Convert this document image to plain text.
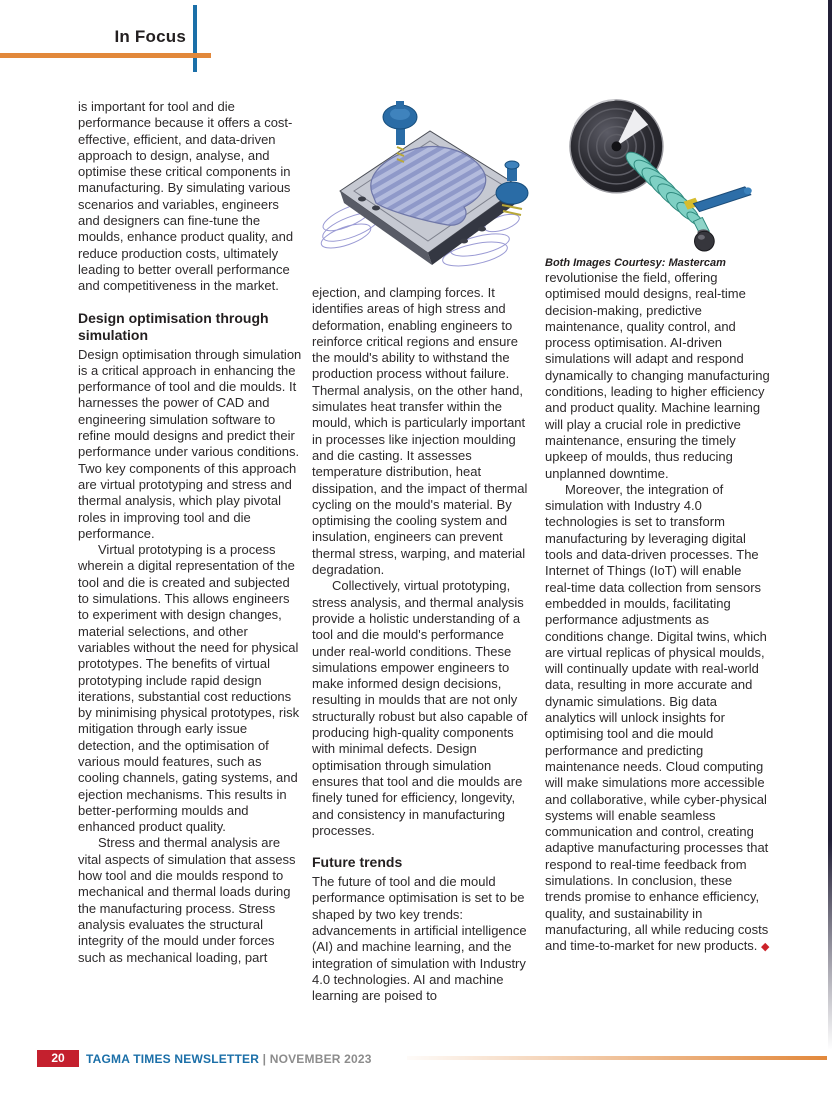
In Focus

is important for tool and die performance because it offers a cost-effective, efficient, and data-driven approach to design, analyse, and optimise these critical components in manufacturing. By simulating various scenarios and variables, engineers and designers can fine-tune the moulds, enhance product quality, and reduce production costs, ultimately leading to better overall performance and competitiveness in the market.

Design optimisation through simulation

Design optimisation through simulation is a critical approach in enhancing the performance of tool and die moulds. It harnesses the power of CAD and engineering simulation software to refine mould designs and predict their performance under various conditions. Two key components of this approach are virtual prototyping and stress and thermal analysis, which play pivotal roles in improving tool and die performance.

Virtual prototyping is a process wherein a digital representation of the tool and die is created and subjected to simulations. This allows engineers to experiment with design changes, material selections, and other variables without the need for physical prototypes. The benefits of virtual prototyping include rapid design iterations, substantial cost reductions by minimising physical prototypes, risk mitigation through early issue detection, and the optimisation of various mould features, such as cooling channels, gating systems, and ejection mechanisms. This results in better-performing moulds and enhanced product quality.

Stress and thermal analysis are vital aspects of simulation that assess how tool and die moulds respond to mechanical and thermal loads during the manufacturing process. Stress analysis evaluates the structural integrity of the mould under forces such as mechanical loading, part

ejection, and clamping forces. It identifies areas of high stress and deformation, enabling engineers to reinforce critical regions and ensure the mould's ability to withstand the production process without failure. Thermal analysis, on the other hand, simulates heat transfer within the mould, which is particularly important in processes like injection moulding and die casting. It assesses temperature distribution, heat dissipation, and the impact of thermal cycling on the mould's material. By optimising the cooling system and insulation, engineers can prevent thermal stress, warping, and material degradation.

Collectively, virtual prototyping, stress analysis, and thermal analysis provide a holistic understanding of a tool and die mould's performance under real-world conditions. These simulations empower engineers to make informed design decisions, resulting in moulds that are not only structurally robust but also capable of producing high-quality components with minimal defects. Design optimisation through simulation ensures that tool and die moulds are finely tuned for efficiency, longevity, and consistency in manufacturing processes.

Future trends

The future of tool and die mould performance optimisation is set to be shaped by two key trends: advancements in artificial intelligence (AI) and machine learning, and the integration of simulation with Industry 4.0 technologies. AI and machine learning are poised to

Both Images Courtesy: Mastercam

revolutionise the field, offering optimised mould designs, real-time decision-making, predictive maintenance, quality control, and process optimisation. AI-driven simulations will adapt and respond dynamically to changing manufacturing conditions, leading to higher efficiency and product quality. Machine learning will play a crucial role in predictive maintenance, ensuring the timely upkeep of moulds, thus reducing unplanned downtime.

Moreover, the integration of simulation with Industry 4.0 technologies is set to transform manufacturing by leveraging digital tools and data-driven processes. The Internet of Things (IoT) will enable real-time data collection from sensors embedded in moulds, facilitating performance adjustments as conditions change. Digital twins, which are virtual replicas of physical moulds, will continually update with real-world data, resulting in more accurate and dynamic simulations. Big data analytics will unlock insights for optimising tool and die mould performance and predicting maintenance needs. Cloud computing will make simulations more accessible and collaborative, while cyber-physical systems will enable seamless communication and control, creating adaptive manufacturing processes that respond to real-time feedback from simulations. In conclusion, these trends promise to enhance efficiency, quality, and sustainability in manufacturing, all while reducing costs and time-to-market for new products. ◆

20	TAGMA TIMES NEWSLETTER | NOVEMBER 2023
